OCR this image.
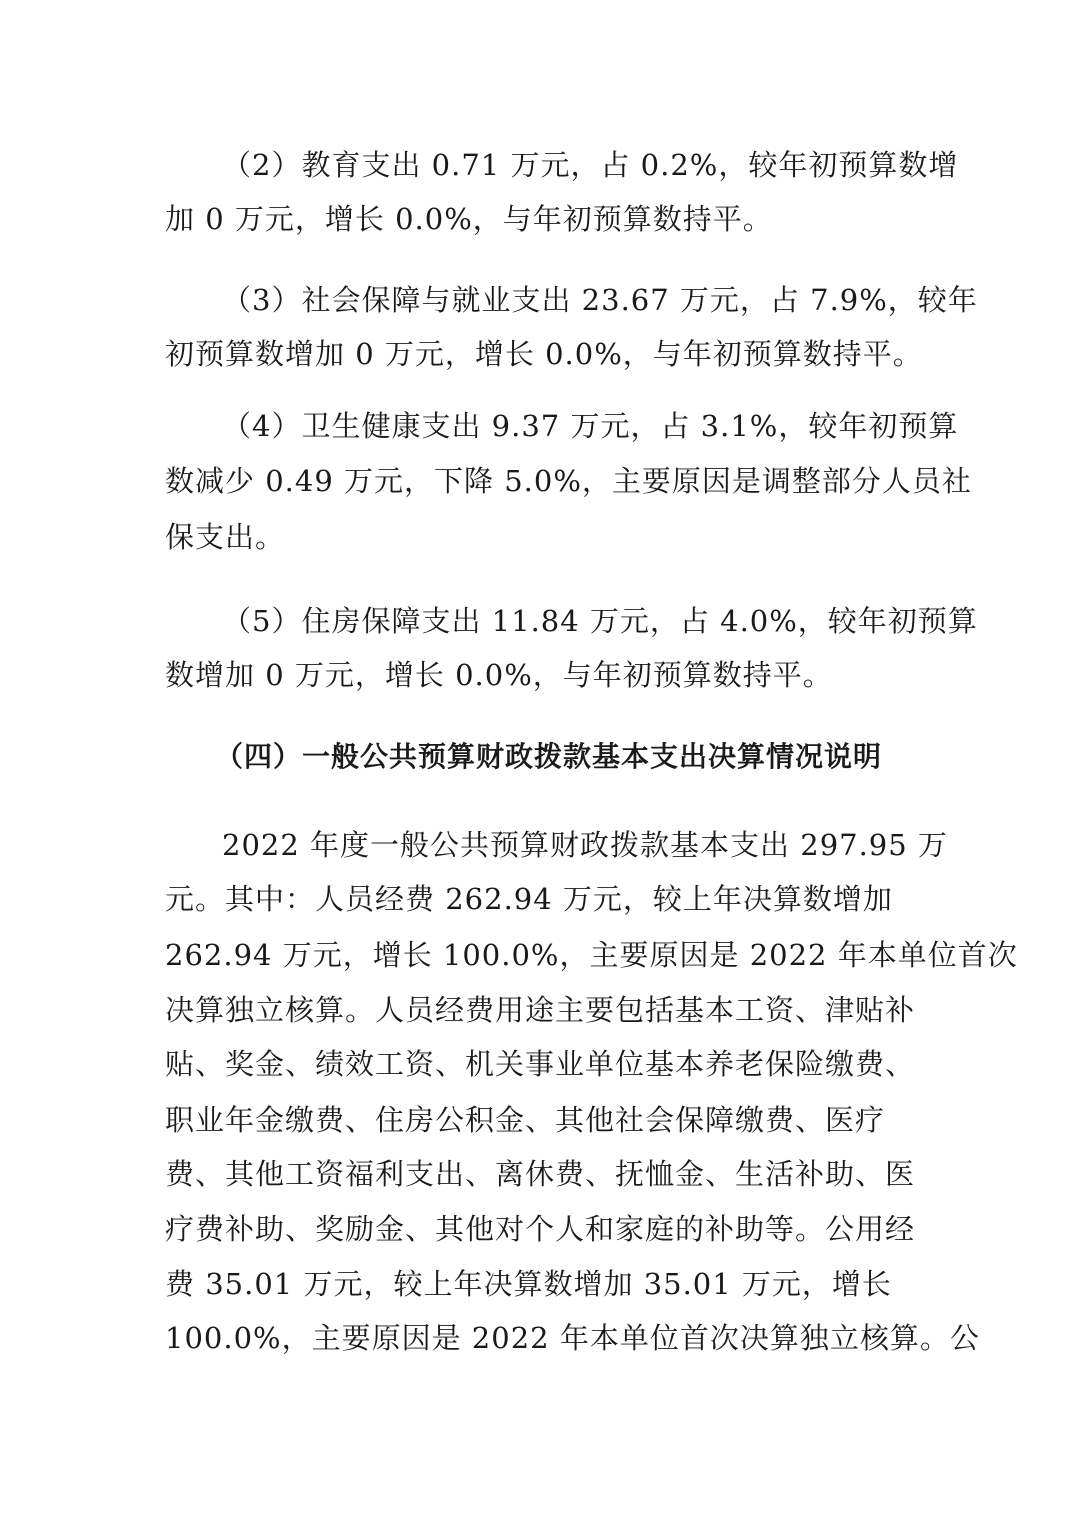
（2）教育支出 0.71 万元，占 0.2%，较年初预算数增
加 0 万元，增长 0.0%，与年初预算数持平。
（3）社会保障与就业支出 23.67 万元，占 7.9%，较年
初预算数增加 0 万元，增长 0.0%，与年初预算数持平。
（4）卫生健康支出 9.37 万元，占 3.1%，较年初预算
数减少 0.49 万元，下降 5.0%，主要原因是调整部分人员社
保支出。
（5）住房保障支出 11.84 万元，占 4.0%，较年初预算
数增加 0 万元，增长 0.0%，与年初预算数持平。
（四）一般公共预算财政拨款基本支出决算情况说明
2022 年度一般公共预算财政拨款基本支出 297.95 万
元。其中：人员经费 262.94 万元，较上年决算数增加
262.94 万元，增长 100.0%，主要原因是 2022 年本单位首次
决算独立核算。人员经费用途主要包括基本工资、津贴补
贴、奖金、绩效工资、机关事业单位基本养老保险缴费、
职业年金缴费、住房公积金、其他社会保障缴费、医疗
费、其他工资福利支出、离休费、抚恤金、生活补助、医
疗费补助、奖励金、其他对个人和家庭的补助等。公用经
费 35.01 万元，较上年决算数增加 35.01 万元，增长
100.0%，主要原因是 2022 年本单位首次决算独立核算。公
